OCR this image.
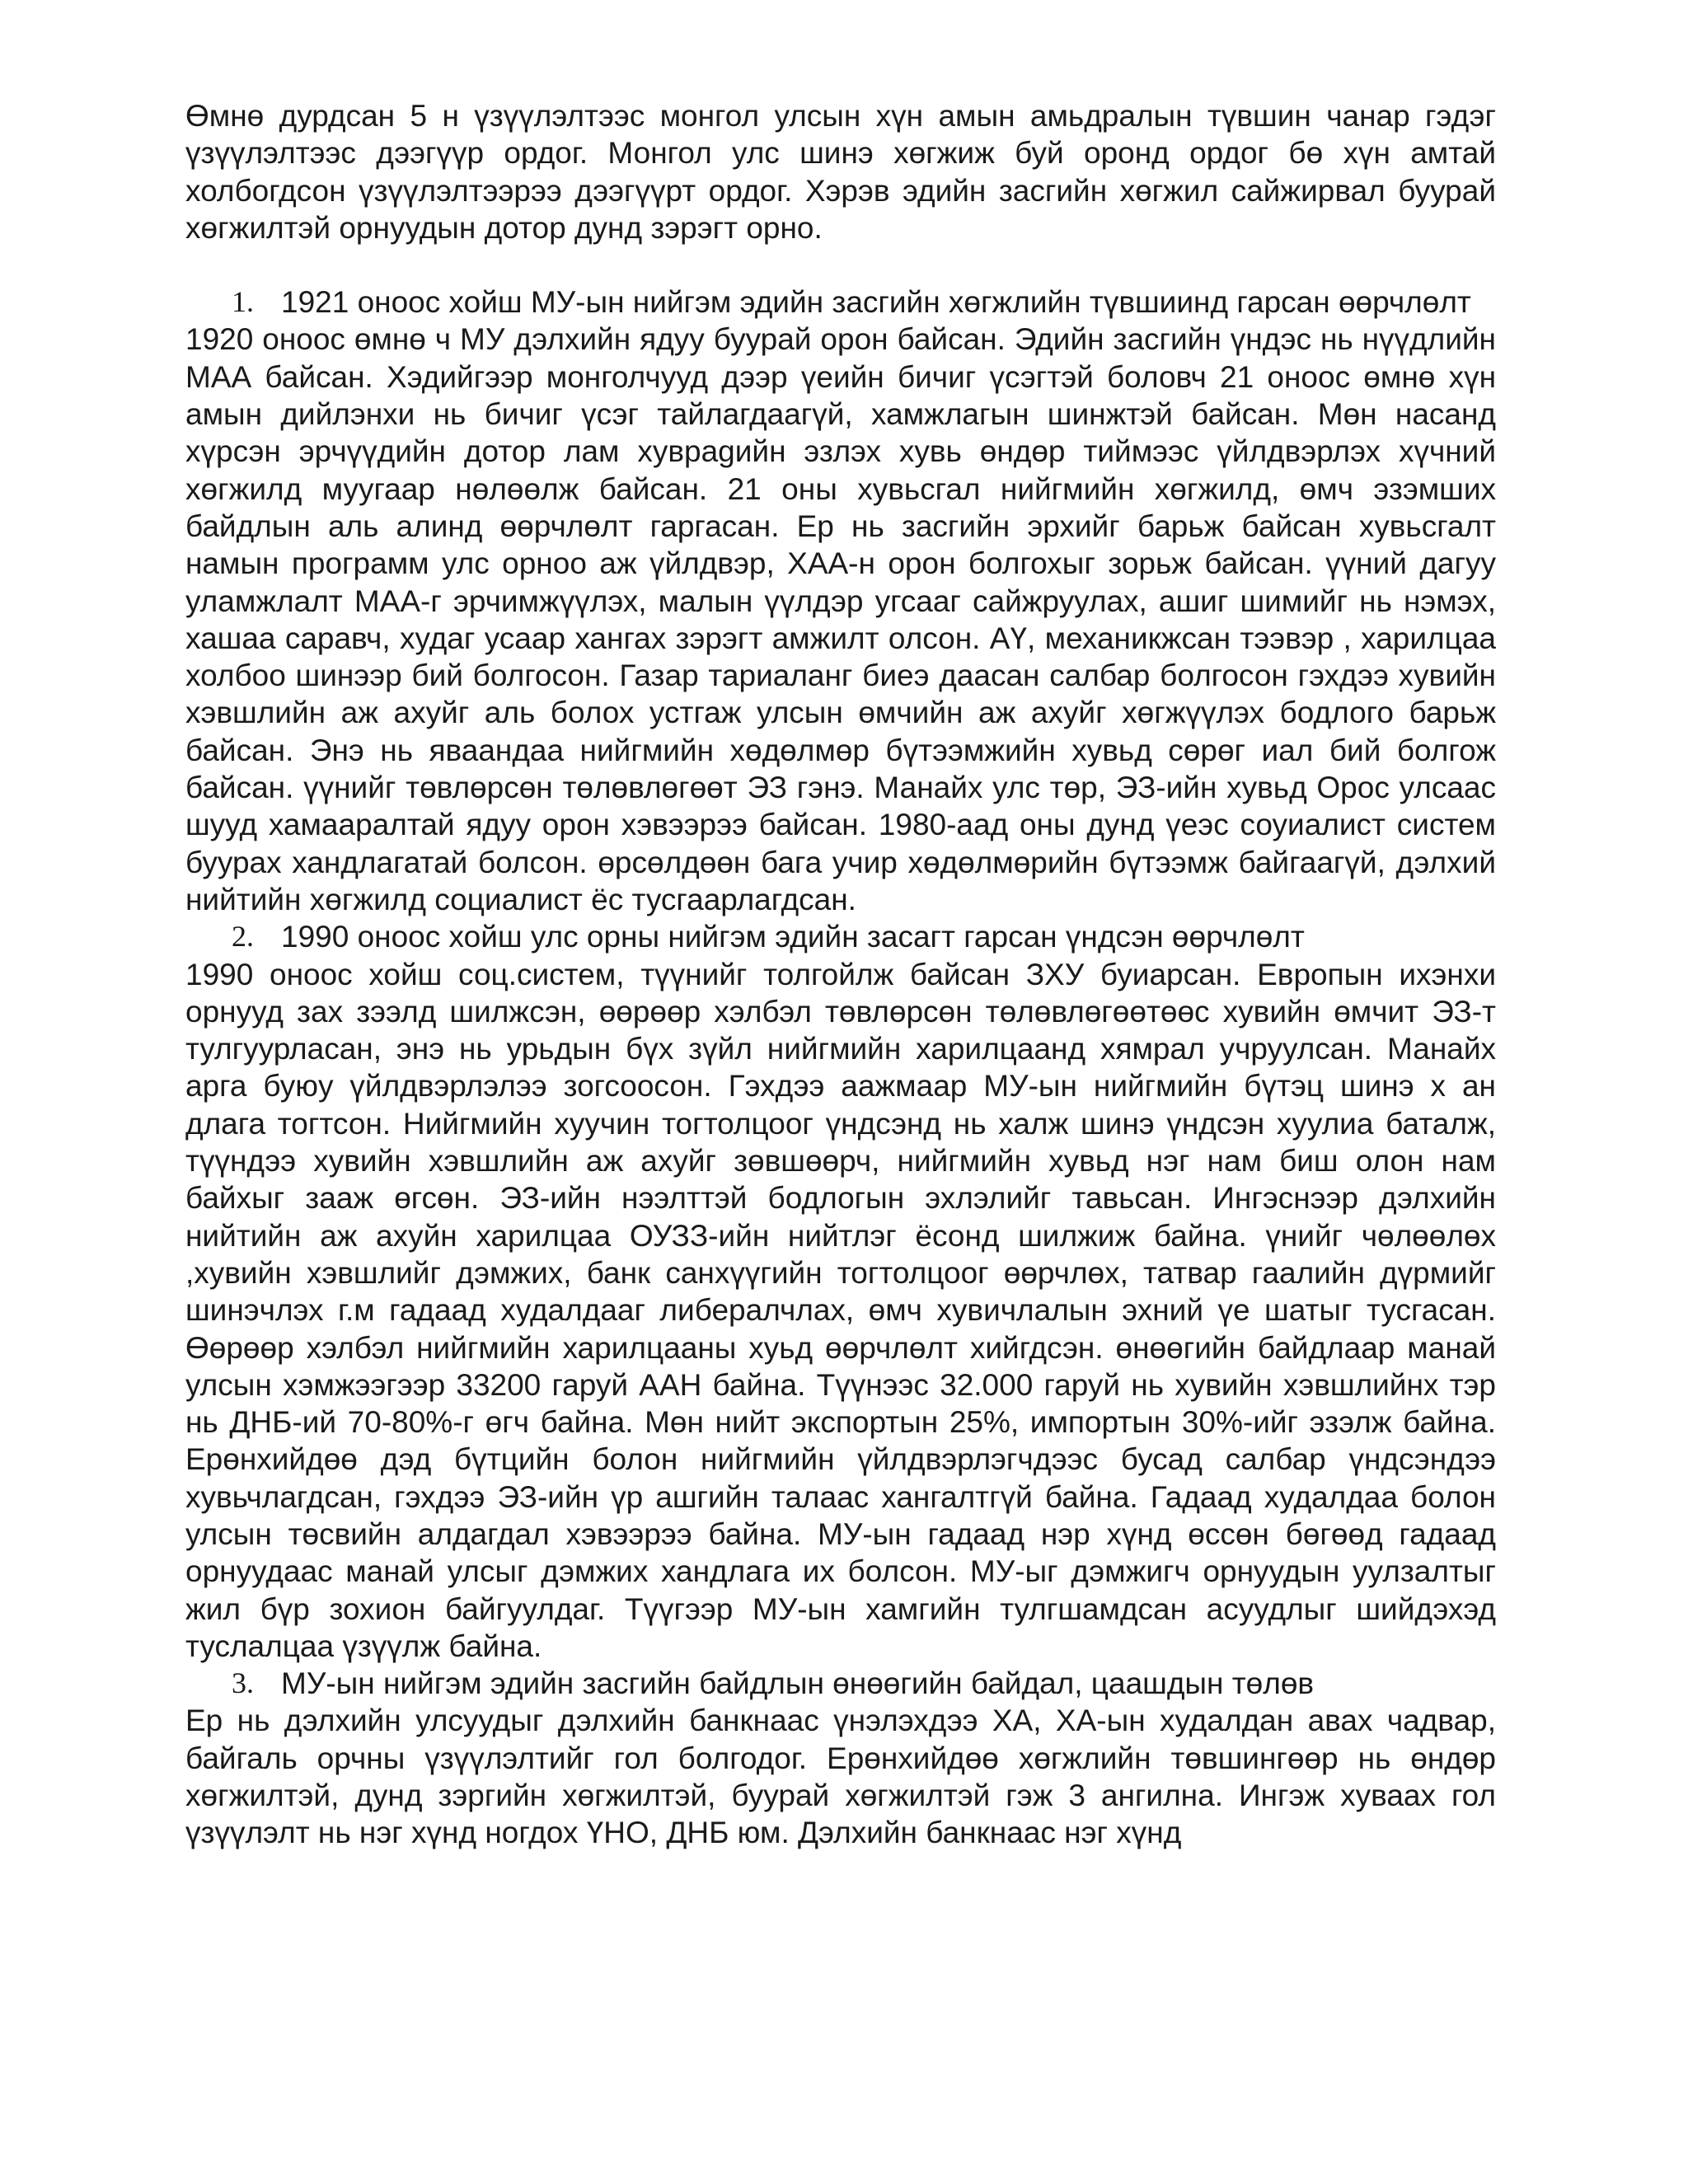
Өмнө дурдсан 5 н үзүүлэлтээс монгол улсын хүн амын амьдралын түвшин чанар гэдэг үзүүлэлтээс дээгүүр ордог. Монгол улс шинэ хөгжиж буй оронд ордог бө хүн амтай холбогдсон үзүүлэлтээрээ дээгүүрт ордог. Хэрэв эдийн засгийн хөгжил сайжирвал буурай хөгжилтэй орнуудын дотор дунд зэрэгт орно.

1. 1921 оноос хойш МУ-ын нийгэм эдийн засгийн хөгжлийн түвшиинд гарсан өөрчлөлт

1920 оноос өмнө ч МУ дэлхийн ядуу буурай орон байсан. Эдийн засгийн үндэс нь нүүдлийн МАА байсан. Хэдийгээр монголчууд дээр үеийн бичиг үсэгтэй боловч 21 оноос өмнө хүн амын дийлэнхи нь бичиг үсэг тайлагдаагүй, хамжлагын шинжтэй байсан. Мөн насанд хүрсэн эрчүүдийн дотор лам хувраgийн эзлэх хувь өндөр тиймээс үйлдвэрлэх хүчний хөгжилд муугаар нөлөөлж байсан. 21 оны хувьсгал нийгмийн хөгжилд, өмч эзэмших байдлын аль алинд өөрчлөлт гаргасан. Ер нь засгийн эрхийг барьж байсан хувьсгалт намын программ улс орноо аж үйлдвэр, ХАА-н орон болгохыг зорьж байсан. үүний дагуу уламжлалт МАА-г эрчимжүүлэх, малын үүлдэр угсааг сайжруулах, ашиг шимийг нь нэмэх, хашаа саравч, худаг усаар хангах зэрэгт амжилт олсон. АҮ, механикжсан тээвэр , харилцаа холбоо шинээр бий болгосон. Газар тариаланг биеэ даасан салбар болгосон гэхдээ хувийн хэвшлийн аж ахуйг аль болох устгаж улсын өмчийн аж ахуйг хөгжүүлэх бодлого барьж байсан. Энэ нь яваандаа нийгмийн хөдөлмөр бүтээмжийн хувьд сөрөг иал бий болгож байсан. үүнийг төвлөрсөн төлөвлөгөөт ЭЗ гэнэ. Манайх улс төр, ЭЗ-ийн хувьд Орос улсаас шууд хамааралтай ядуу орон хэвээрээ байсан. 1980-аад оны дунд үеэс соуиалист систем буурах хандлагатай болсон. өрсөлдөөн бага учир хөдөлмөрийн бүтээмж байгаагүй, дэлхий нийтийн хөгжилд социалист ёс тусгаарлагдсан.

2. 1990 оноос хойш улс орны нийгэм эдийн засагт гарсан үндсэн өөрчлөлт

1990 оноос хойш соц.систем, түүнийг толгойлж байсан ЗХУ буиарсан. Европын ихэнхи орнууд зах зээлд шилжсэн, өөрөөр хэлбэл төвлөрсөн төлөвлөгөөтөөс хувийн өмчит ЭЗ-т тулгуурласан, энэ нь урьдын бүх зүйл нийгмийн харилцаанд хямрал учруулсан. Манайх арга буюу үйлдвэрлэлээ зогсоосон. Гэхдээ аажмаар МУ-ын нийгмийн бүтэц шинэ х ан длага тогтсон. Нийгмийн хуучин тогтолцоог үндсэнд нь халж шинэ үндсэн хуулиа баталж, түүндээ хувийн хэвшлийн аж ахуйг зөвшөөрч, нийгмийн хувьд нэг нам биш олон нам байхыг зааж өгсөн. ЭЗ-ийн нээлттэй бодлогын эхлэлийг тавьсан. Ингэснээр дэлхийн нийтийн аж ахуйн харилцаа ОУЗЗ-ийн нийтлэг ёсонд шилжиж байна. үнийг чөлөөлөх ,хувийн хэвшлийг дэмжих, банк санхүүгийн тогтолцоог өөрчлөх, татвар гаалийн дүрмийг шинэчлэх г.м гадаад худалдааг либералчлах, өмч хувичлалын эхний үе шатыг тусгасан. Өөрөөр хэлбэл нийгмийн харилцааны хуьд өөрчлөлт хийгдсэн. өнөөгийн байдлаар манай улсын хэмжээгээр 33200 гаруй ААН байна. Түүнээс 32.000 гаруй нь хувийн хэвшлийнх тэр нь ДНБ-ий 70-80%-г өгч байна. Мөн нийт экспортын 25%, импортын 30%-ийг эзэлж байна. Ерөнхийдөө дэд бүтцийн болон нийгмийн үйлдвэрлэгчдээс бусад салбар үндсэндээ хувьчлагдсан, гэхдээ ЭЗ-ийн үр ашгийн талаас хангалтгүй байна. Гадаад худалдаа болон улсын төсвийн алдагдал хэвээрээ байна. МУ-ын гадаад нэр хүнд өссөн бөгөөд гадаад орнуудаас манай улсыг дэмжих хандлага их болсон. МУ-ыг дэмжигч орнуудын уулзалтыг жил бүр зохион байгуулдаг. Түүгээр МУ-ын хамгийн тулгшамдсан асуудлыг шийдэхэд туслалцаа үзүүлж байна.

3. МУ-ын нийгэм эдийн засгийн байдлын өнөөгийн байдал, цаашдын төлөв

Ер нь дэлхийн улсуудыг дэлхийн банкнаас үнэлэхдээ ХА, ХА-ын худалдан авах чадвар, байгаль орчны үзүүлэлтийг гол болгодог. Ерөнхийдөө хөгжлийн төвшингөөр нь өндөр хөгжилтэй, дунд зэргийн хөгжилтэй, буурай хөгжилтэй гэж 3 ангилна. Ингэж хуваах гол үзүүлэлт нь нэг хүнд ногдох ҮНО, ДНБ юм. Дэлхийн банкнаас нэг хүнд
